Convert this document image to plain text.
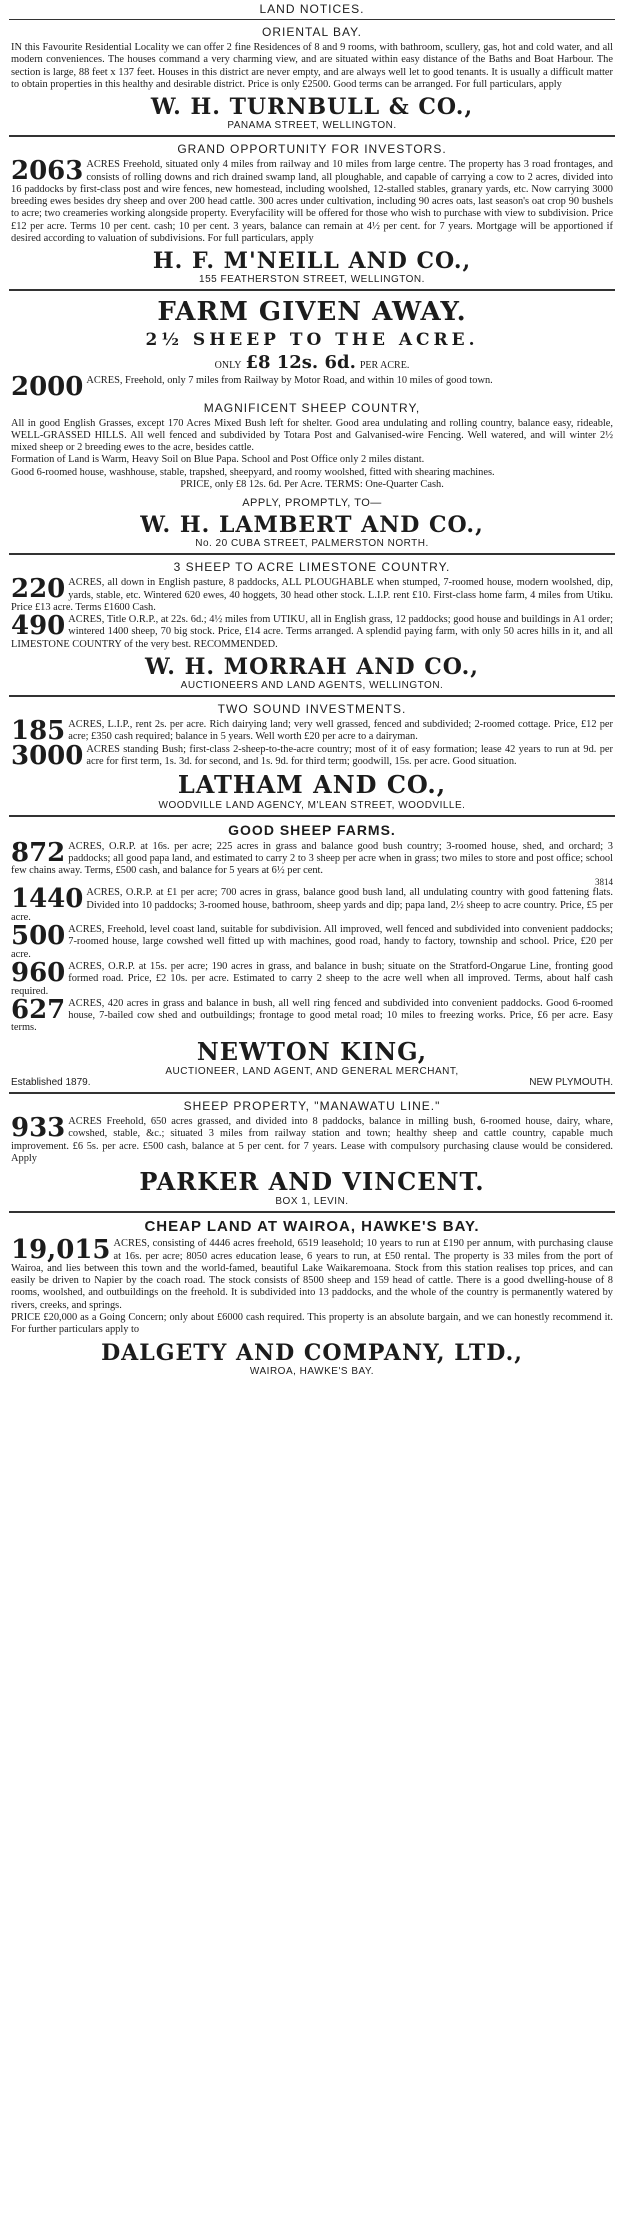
LAND NOTICES.
ORIENTAL BAY.

IN this Favourite Residential Locality we can offer 2 fine Residences of 8 and 9 rooms, with bathroom, scullery, gas, hot and cold water, and all modern conveniences. The houses command a very charming view, and are situated within easy distance of the Baths and Boat Harbour. The section is large, 88 feet x 137 feet. Houses in this district are never empty, and are always well let to good tenants. It is usually a difficult matter to obtain properties in this healthy and desirable district. Price is only £2500. Good terms can be arranged. For full particulars, apply

W. H. TURNBULL & CO.,
PANAMA STREET, WELLINGTON.
GRAND OPPORTUNITY FOR INVESTORS.
2063 ACRES Freehold, situated only 4 miles from railway and 10 miles from large centre. The property has 3 road frontages, and consists of rolling downs and rich drained swamp land, all ploughable, and capable of carrying a cow to 2 acres, divided into 16 paddocks by first-class post and wire fences, new homestead, including woolshed, 12-stalled stables, granary yards, etc. Now carrying 3000 breeding ewes besides dry sheep and over 200 head cattle. 300 acres under cultivation, including 90 acres oats, last season's oat crop 90 bushels to acre; two creameries working alongside property. Everyfacility will be offered for those who wish to purchase with view to subdivision. Price £12 per acre. Terms 10 per cent. cash; 10 per cent. 3 years, balance can remain at 4½ per cent. for 7 years. Mortgage will be apportioned if desired according to valuation of subdivisions. For full particulars, apply

H. F. M'NEILL AND CO.,
155 FEATHERSTON STREET, WELLINGTON.
FARM GIVEN AWAY.
2½ SHEEP TO THE ACRE.
ONLY £8 12s. 6d. PER ACRE.
2000 ACRES, Freehold, only 7 miles from Railway by Motor Road, and within 10 miles of good town.

MAGNIFICENT SHEEP COUNTRY,

All in good English Grasses, except 170 Acres Mixed Bush left for shelter. Good area undulating and rolling country, balance easy, rideable, WELL-GRASSED HILLS. All well fenced and subdivided by Totara Post and Galvanised-wire Fencing. Well watered, and will winter 2½ mixed sheep or 2 breeding ewes to the acre, besides cattle.

Formation of Land is Warm, Heavy Soil on Blue Papa. School and Post Office only 2 miles distant.

Good 6-roomed house, washhouse, stable, trapshed, sheepyard, and roomy woolshed, fitted with shearing machines.

PRICE, only £8 12s. 6d. Per Acre. TERMS: One-Quarter Cash.

APPLY, PROMPTLY, TO—
W. H. LAMBERT AND CO.,
No. 20 CUBA STREET, PALMERSTON NORTH.
3 SHEEP TO ACRE LIMESTONE COUNTRY.
220 ACRES, all down in English pasture, 8 paddocks, ALL PLOUGHABLE when stumped, 7-roomed house, modern woolshed, dip, yards, stable, etc. Wintered 620 ewes, 40 hoggets, 30 head other stock. L.I.P. rent £10. First-class home farm, 4 miles from Utiku. Price £13 acre. Terms £1600 Cash.

490 ACRES, Title O.R.P., at 22s. 6d.; 4½ miles from UTIKU, all in English grass, 12 paddocks; good house and buildings in A1 order; wintered 1400 sheep, 70 big stock. Price, £14 acre. Terms arranged. A splendid paying farm, with only 50 acres hills in it, and all LIMESTONE COUNTRY of the very best. RECOMMENDED.

W. H. MORRAH AND CO.,
AUCTIONEERS AND LAND AGENTS, WELLINGTON.
TWO SOUND INVESTMENTS.
185 ACRES, L.I.P., rent 2s. per acre. Rich dairying land; very well grassed, fenced and subdivided; 2-roomed cottage. Price, £12 per acre; £350 cash required; balance in 5 years. Well worth £20 per acre to a dairyman.

3000 ACRES standing Bush; first-class 2-sheep-to-the-acre country; most of it of easy formation; lease 42 years to run at 9d. per acre for first term, 1s. 3d. for second, and 1s. 9d. for third term; goodwill, 15s. per acre. Good situation.

LATHAM AND CO.,
WOODVILLE LAND AGENCY, M'LEAN STREET, WOODVILLE.
GOOD SHEEP FARMS.
872 ACRES, O.R.P. at 16s. per acre; 225 acres in grass and balance good bush country; 3-roomed house, shed, and orchard; 3 paddocks; all good papa land, and estimated to carry 2 to 3 sheep per acre when in grass; two miles to store and post office; school few chains away. Terms, £500 cash, and balance for 5 years at 6½ per cent.

3814
1440 ACRES, O.R.P. at £1 per acre; 700 acres in grass, balance good bush land, all undulating country with good fattening flats. Divided into 10 paddocks; 3-roomed house, bathroom, sheep yards and dip; papa land, 2½ sheep to acre country. Price, £5 per acre.

500 ACRES, Freehold, level coast land, suitable for subdivision. All improved, well fenced and subdivided into convenient paddocks; 7-roomed house, large cowshed well fitted up with machines, good road, handy to factory, township and school. Price, £20 per acre.

960 ACRES, O.R.P. at 15s. per acre; 190 acres in grass, and balance in bush; situate on the Stratford-Ongarue Line, fronting good formed road. Price, £2 10s. per acre. Estimated to carry 2 sheep to the acre well when all improved. Terms, about half cash required.

627 ACRES, 420 acres in grass and balance in bush, all well ring fenced and subdivided into convenient paddocks. Good 6-roomed house, 7-bailed cow shed and outbuildings; frontage to good metal road; 10 miles to freezing works. Price, £6 per acre. Easy terms.

NEWTON KING,
AUCTIONEER, LAND AGENT, AND GENERAL MERCHANT,
Established 1879.	NEW PLYMOUTH.
SHEEP PROPERTY, "MANAWATU LINE."
933 ACRES Freehold, 650 acres grassed, and divided into 8 paddocks, balance in milling bush, 6-roomed house, dairy, whare, cowshed, stable, &c.; situated 3 miles from railway station and town; healthy sheep and cattle country, capable much improvement. £6 5s. per acre. £500 cash, balance at 5 per cent. for 7 years. Lease with compulsory purchasing clause would be considered. Apply

PARKER AND VINCENT.
BOX 1, LEVIN.
CHEAP LAND AT WAIROA, HAWKE'S BAY.
19,015 ACRES, consisting of 4446 acres freehold, 6519 leasehold; 10 years to run at £190 per annum, with purchasing clause at 16s. per acre; 8050 acres education lease, 6 years to run, at £50 rental. The property is 33 miles from the port of Wairoa, and lies between this town and the world-famed, beautiful Lake Waikaremoana. Stock from this station realises top prices, and can easily be driven to Napier by the coach road. The stock consists of 8500 sheep and 159 head of cattle. There is a good dwelling-house of 8 rooms, woolshed, and outbuildings on the freehold. It is subdivided into 13 paddocks, and the whole of the country is permanently watered by rivers, creeks, and springs.

PRICE £20,000 as a Going Concern; only about £6000 cash required. This property is an absolute bargain, and we can honestly recommend it. For further particulars apply to

DALGETY AND COMPANY, LTD.,
WAIROA, HAWKE'S BAY.
